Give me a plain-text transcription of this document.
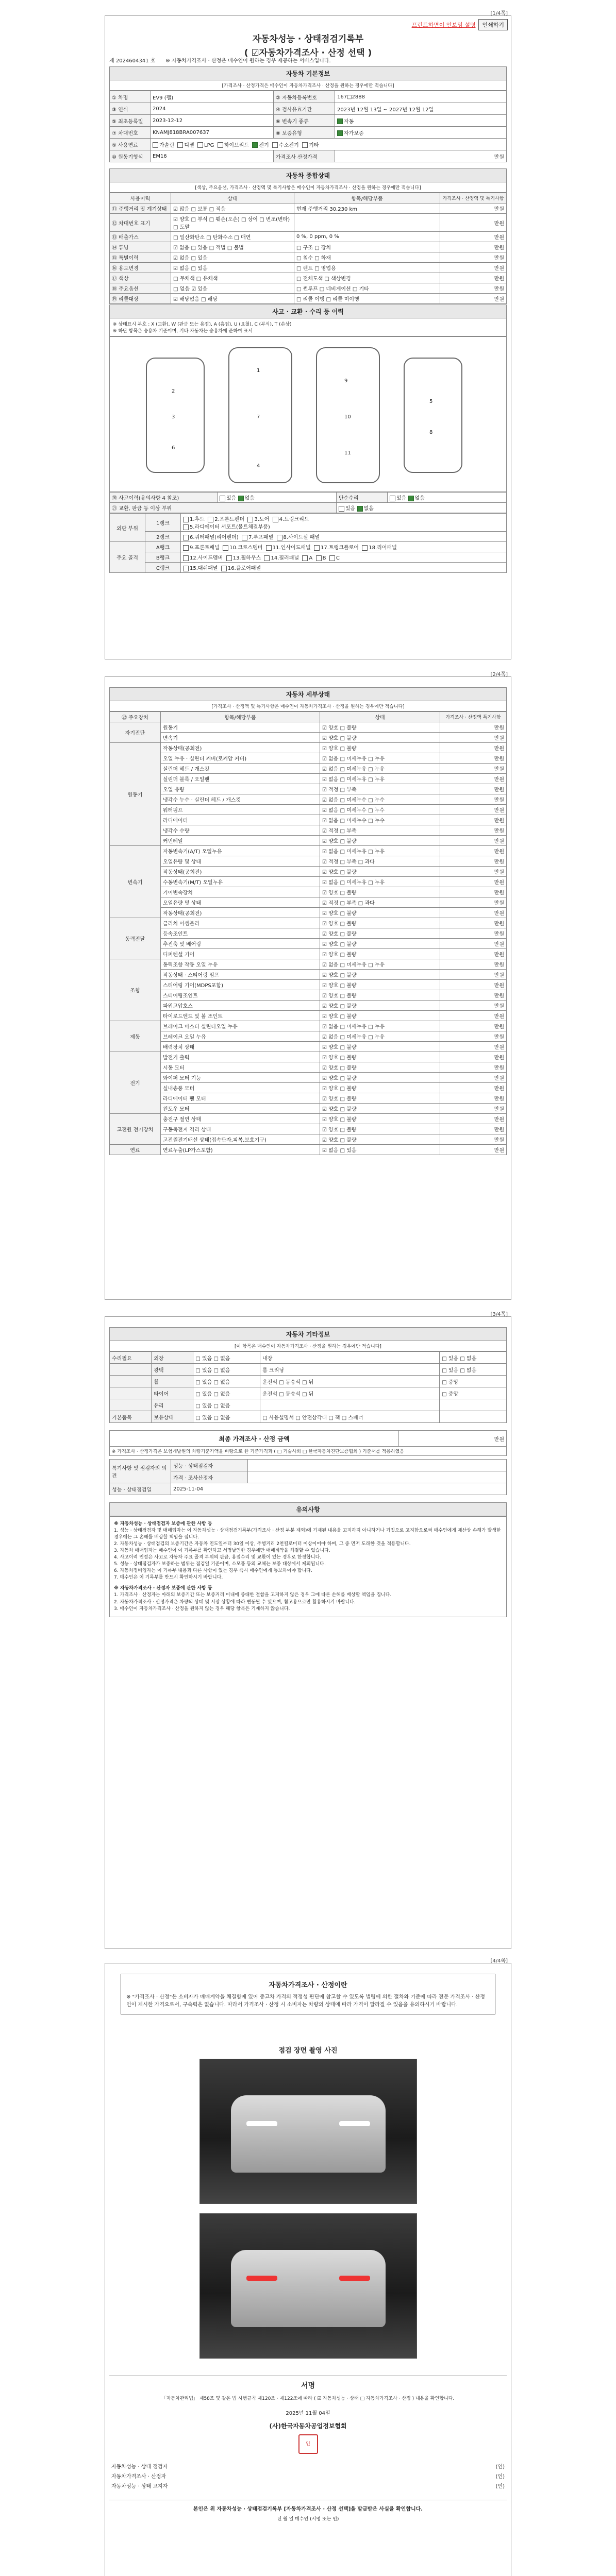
[1/4쪽]
프린트하면이 안보임 설명	인쇄하기
자동차성능 · 상태점검기록부
( ☑자동차가격조사 · 산정 선택 )
제 2024604341 호 ※ 자동차가격조사 · 산정은 매수인이 원하는 경우 제공하는 서비스입니다.
자동차 기본정보
[가격조사 · 산정가격은 매수인이 자동차가격조사 · 산정을 원하는 경우에만 적습니다]
① 차명	EV9 (팰)	② 자동차등록번호	167□2888
③ 연식	2024	④ 검사유효기간	2023년 12월 13일 ~ 2027년 12월 12일
⑤ 최초등록일	2023-12-12	⑥ 변속기 종류	자동
⑦ 차대번호	KNAMJ818BRA007637	⑧ 보증유형	자가보증
⑨ 사용연료	가솔린 디젤 LPG 하이브리드 전기 수소전기 기타		
⑩ 원동기형식	EM16	가격조사 산정가격	만원
자동차 종합상태
[색상, 주요옵션, 가격조사 · 산정액 및 특기사항은 매수인이 자동차가격조사 · 산정을 원하는 경우에만 적습니다]
사용이력	상태	항목/해당부품	가격조사 · 산정액 및 특기사항
⑪ 주행거리 및 계기상태	☑ 많음 □ 보통 □ 적음	현재 주행거리 30,230 km	만원
⑫ 차대번호 표기	☑ 양호 □ 부식 □ 훼손(오손) □ 상이 □ 변조(변타) □ 도말		만원
⑬ 배출가스	□ 일산화탄소 □ 탄화수소 □ 매연	0 %, 0 ppm, 0 %	만원
⑭ 튜닝	☑ 없음 □ 있음 □ 적법 □ 불법	□ 구조 □ 장치	만원
⑮ 특별이력	☑ 없음 □ 있음	□ 침수 □ 화재	만원
⑯ 용도변경	☑ 없음 □ 있음	□ 렌트 □ 영업용	만원
⑰ 색상	□ 무채색 □ 유채색	□ 전체도색 □ 색상변경	만원
⑱ 주요옵션	□ 없음 ☑ 있음	□ 썬루프 □ 네비게이션 □ 기타	만원
⑲ 리콜대상	☑ 해당없음 □ 해당	□ 리콜 이행 □ 리콜 미이행	만원
사고 · 교환 · 수리 등 이력
※ 상태표시 부호 : X (교환), W (판금 또는 용접), A (흠집), U (요철), C (부식), T (손상)
※ 하단 항목은 승용차 기준이며, 기타 자동차는 승용차에 준하여 표시
1
7
4
2
3
6
9
10
11
5
8
⑳ 사고이력(유의사항 4 참조)	있음 없음	단순수리	있음 없음
㉑ 교환, 판금 등 이상 부위		있음 없음	
외판 부위	1랭크	1.후드 2.프론트펜더 3.도어 4.트렁크리드
5.라디에이터 서포트(볼트체결부품)
	2랭크	6.쿼터패널(리어펜더) 7.루프패널 8.사이드실 패널
주요 골격	A랭크	9.프론트패널 10.크로스멤버 11.인사이드패널 17.트렁크플로어 18.리어패널
	B랭크	12.사이드멤버 13.휠하우스 14.필러패널 A B C
	C랭크	15.대쉬패널 16.플로어패널
[2/4쪽]
자동차 세부상태
[가격조사 · 산정액 및 특기사항은 매수인이 자동차가격조사 · 산정을 원하는 경우에만 적습니다]
㉒ 주요장치	항목/해당부품	상태	가격조사 · 산정액 특기사항
자기진단	원동기	☑ 양호 □ 불량	만원
	변속기	☑ 양호 □ 불량	만원
원동기	작동상태(공회전)	☑ 양호 □ 불량	만원
	오일 누유 · 실린더 커버(로커암 커버)	☑ 없음 □ 미세누유 □ 누유	만원
	실린더 헤드 / 개스킷	☑ 없음 □ 미세누유 □ 누유	만원
	실린더 블록 / 오일팬	☑ 없음 □ 미세누유 □ 누유	만원
	오일 유량	☑ 적정 □ 부족	만원
	냉각수 누수 · 실린더 헤드 / 개스킷	☑ 없음 □ 미세누수 □ 누수	만원
	워터펌프	☑ 없음 □ 미세누수 □ 누수	만원
	라디에이터	☑ 없음 □ 미세누수 □ 누수	만원
	냉각수 수량	☑ 적정 □ 부족	만원
	커먼레일	☑ 양호 □ 불량	만원
변속기	자동변속기(A/T) 오일누유	☑ 없음 □ 미세누유 □ 누유	만원
	오일유량 및 상태	☑ 적정 □ 부족 □ 과다	만원
	작동상태(공회전)	☑ 양호 □ 불량	만원
	수동변속기(M/T) 오일누유	☑ 없음 □ 미세누유 □ 누유	만원
	기어변속장치	☑ 양호 □ 불량	만원
	오일유량 및 상태	☑ 적정 □ 부족 □ 과다	만원
	작동상태(공회전)	☑ 양호 □ 불량	만원
동력전달	클러치 어셈블리	☑ 양호 □ 불량	만원
	등속조인트	☑ 양호 □ 불량	만원
	추진축 및 베어링	☑ 양호 □ 불량	만원
	디퍼렌셜 기어	☑ 양호 □ 불량	만원
조향	동력조향 작동 오일 누유	☑ 없음 □ 미세누유 □ 누유	만원
	작동상태 · 스티어링 펌프	☑ 양호 □ 불량	만원
	스티어링 기어(MDPS포함)	☑ 양호 □ 불량	만원
	스티어링조인트	☑ 양호 □ 불량	만원
	파워고압호스	☑ 양호 □ 불량	만원
	타이로드엔드 및 볼 조인트	☑ 양호 □ 불량	만원
제동	브레이크 마스터 실린더오일 누유	☑ 없음 □ 미세누유 □ 누유	만원
	브레이크 오일 누유	☑ 없음 □ 미세누유 □ 누유	만원
	배력장치 상태	☑ 양호 □ 불량	만원
전기	발전기 출력	☑ 양호 □ 불량	만원
	시동 모터	☑ 양호 □ 불량	만원
	와이퍼 모터 기능	☑ 양호 □ 불량	만원
	실내송풍 모터	☑ 양호 □ 불량	만원
	라디에이터 팬 모터	☑ 양호 □ 불량	만원
	윈도우 모터	☑ 양호 □ 불량	만원
고전원 전기장치	충전구 절연 상태	☑ 양호 □ 불량	만원
	구동축전지 격리 상태	☑ 양호 □ 불량	만원
	고전원전기배선 상태(접속단자,피복,보호기구)	☑ 양호 □ 불량	만원
연료	연료누출(LP가스포함)	☑ 없음 □ 있음	만원
[3/4쪽]
자동차 기타정보
[이 항목은 매수인이 자동차가격조사 · 산정을 원하는 경우에만 적습니다]
수리필요	외장	□ 있음 □ 없음	내장	□ 있음 □ 없음
	광택	□ 있음 □ 없음	룸 크리닝	□ 있음 □ 없음
	휠	□ 있음 □ 없음	운전석 □ 동승석 □ 뒤	□ 중앙
	타이어	□ 있음 □ 없음	운전석 □ 동승석 □ 뒤	□ 중앙
	유리	□ 있음 □ 없음		
기본품목	보유상태	□ 있음 □ 없음	□ 사용설명서 □ 안전삼각대 □ 잭 □ 스패너	
최종 가격조사 · 산정 금액	만원
※ 가격조사 · 산정가격은 보험개발원의 차량기준가액을 바탕으로 한 기준가격과 ( □ 기술사회 □ 한국자동차진단보증협회 ) 기준서를 적용하였음
특기사항 및 점검자의 의견	성능 · 상태점검자	
	가격 · 조사산정자	
성능 · 상태점검일	2025-11-04	
유의사항
※ 자동차성능 · 상태점검자 보증에 관한 사항 등
1. 성능 · 상태점검자 및 매매업자는 이 자동차성능 · 상태점검기록부(가격조사 · 산정 부분 제외)에 기재된 내용을 고지하지 아니하거나 거짓으로 고지함으로써 매수인에게 재산상 손해가 발생한 경우에는 그 손해를 배상할 책임을 집니다.
2. 자동차성능 · 상태점검의 보증기간은 자동차 인도일부터 30일 이상, 주행거리 2천킬로미터 이상이어야 하며, 그 중 먼저 도래한 것을 적용합니다.
3. 자동차 매매업자는 매수인이 이 기록부를 확인하고 서명날인한 경우에만 매매계약을 체결할 수 있습니다.
4. 사고이력 인정은 사고로 자동차 주요 골격 부위의 판금, 용접수리 및 교환이 있는 경우로 한정합니다.
5. 성능 · 상태점검자가 보증하는 범위는 점검일 기준이며, 소모품 등의 교체는 보증 대상에서 제외됩니다.
6. 자동차정비업자는 이 기록부 내용과 다른 사항이 있는 경우 즉시 매수인에게 통보하여야 합니다.
7. 매수인은 이 기록부를 반드시 확인하시기 바랍니다.
※ 자동차가격조사 · 산정자 보증에 관한 사항 등
1. 가격조사 · 산정자는 아래의 보증기간 또는 보증거리 이내에 중대한 결함을 고지하지 않은 경우 그에 따른 손해를 배상할 책임을 집니다.
2. 자동차가격조사 · 산정가격은 차량의 상태 및 시장 상황에 따라 변동될 수 있으며, 참고용으로만 활용하시기 바랍니다.
3. 매수인이 자동차가격조사 · 산정을 원하지 않는 경우 해당 항목은 기재하지 않습니다.
[4/4쪽]
자동차가격조사 · 산정이란
※ "가격조사 · 산정"은 소비자가 매매계약을 체결함에 있어 중고차 가격의 적정성 판단에 참고할 수 있도록 법령에 의한 절차와 기준에 따라 전문 가격조사 · 산정인이 제시한 가격으로서, 구속력은 없습니다. 따라서 가격조사 · 산정 시 소비자는 차량의 상태에 따라 가격이 달라질 수 있음을 유의하시기 바랍니다.
점검 장면 촬영 사진
서명
「자동차관리법」 제58조 및 같은 법 시행규칙 제120조 · 제122조에 따라 ( ☑ 자동차성능 · 상태 □ 자동차가격조사 · 산정 ) 내용을 확인합니다.
2025년 11월 04일
(사)한국자동차공업정보협회
인
자동차성능 · 상태 점검자		(인)
자동차가격조사 · 산정자		(인)
자동차성능 · 상태 고지자		(인)
본인은 위 자동차성능 · 상태점검기록부 [자동차가격조사 · 산정 선택]을 발급받은 사실을 확인합니다.
년 월 일 매수인 (서명 또는 인)
